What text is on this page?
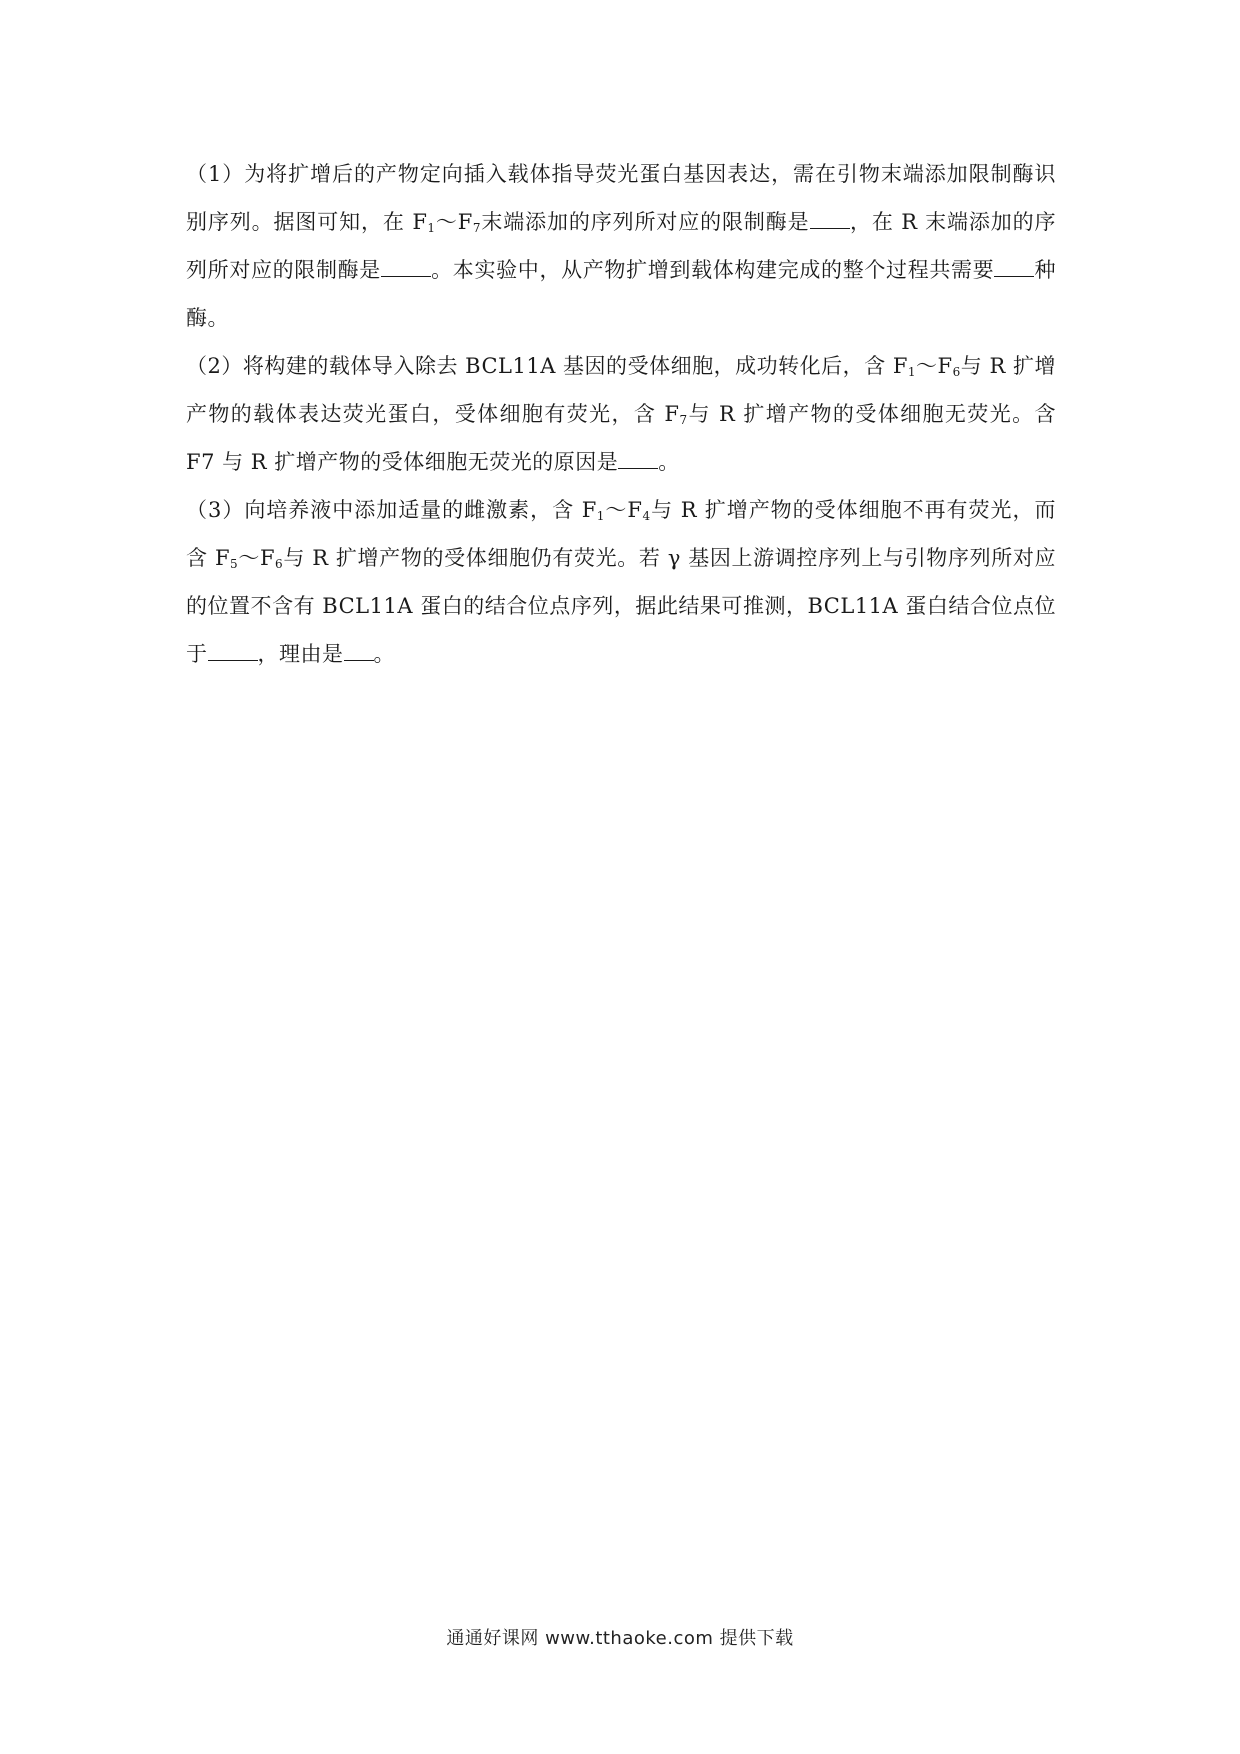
（1）为将扩增后的产物定向插入载体指导荧光蛋白基因表达，需在引物末端添加限制酶识别序列。据图可知，在 $F_1\sim F_7$末端添加的序列所对应的限制酶是 ，在 R 末端添加的序列所对应的限制酶是 。本实验中，从产物扩增到载体构建完成的整个过程共需要 种酶。

（2）将构建的载体导入除去 BCL11A 基因的受体细胞，成功转化后，含 $F_1\sim F_6$与 R 扩增产物的载体表达荧光蛋白，受体细胞有荧光，含 $F_7$与 R 扩增产物的受体细胞无荧光。含 F7 与 R 扩增产物的受体细胞无荧光的原因是 。

（3）向培养液中添加适量的雌激素，含 $F_1\sim F_4$与 R 扩增产物的受体细胞不再有荧光，而含 $F_5\sim F_6$与 R 扩增产物的受体细胞仍有荧光。若 γ 基因上游调控序列上与引物序列所对应的位置不含有 BCL11A 蛋白的结合位点序列，据此结果可推测，BCL11A 蛋白结合位点位于 ，理由是 。

通通好课网 www.tthaoke.com 提供下载
